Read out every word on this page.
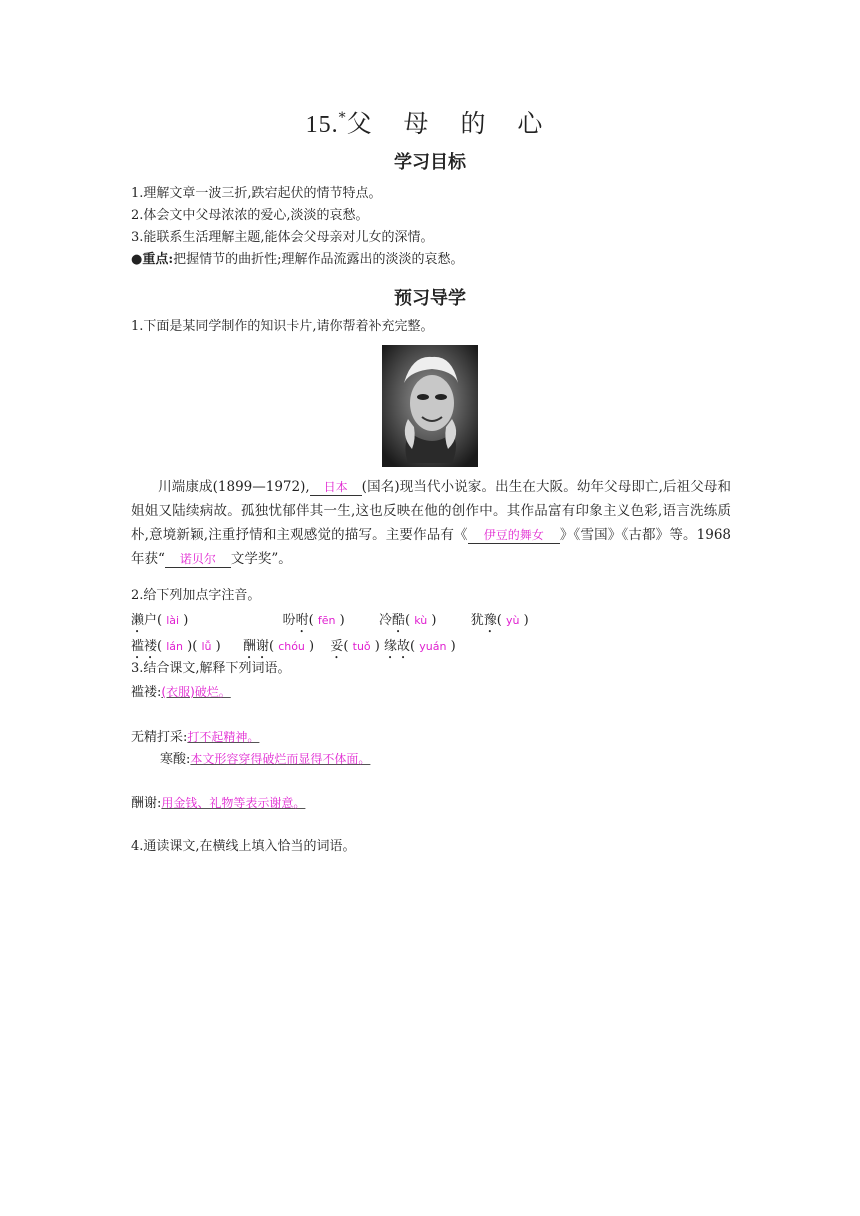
15.*父 母 的 心
学习目标
1.理解文章一波三折,跌宕起伏的情节特点。
2.体会文中父母浓浓的爱心,淡淡的哀愁。
3.能联系生活理解主题,能体会父母亲对儿女的深情。
●重点:把握情节的曲折性;理解作品流露出的淡淡的哀愁。
预习导学
1.下面是某同学制作的知识卡片,请你帮着补充完整。
川端康成(1899—1972), 日本 (国名)现当代小说家。出生在大阪。幼年父母即亡,后祖父母和姐姐又陆续病故。孤独忧郁伴其一生,这也反映在他的创作中。其作品富有印象主义色彩,语言洗练质朴,意境新颖,注重抒情和主观感觉的描写。主要作品有《 伊豆的舞女 》《雪国》《古都》等。1968 年获“ 诺贝尔 文学奖”。
2.给下列加点字注音。
濑户( lài )	吩咐( fēn )	冷酷( kù )	犹豫( yù )
褴褛( lán )( lǚ )  酬谢( chóu )  妥( tuǒ ) 缘故( yuán )
3.结合课文,解释下列词语。
褴褛:(衣服)破烂。
无精打采:打不起精神。
寒酸:本文形容穿得破烂而显得不体面。
酬谢:用金钱、礼物等表示谢意。
4.通读课文,在横线上填入恰当的词语。
